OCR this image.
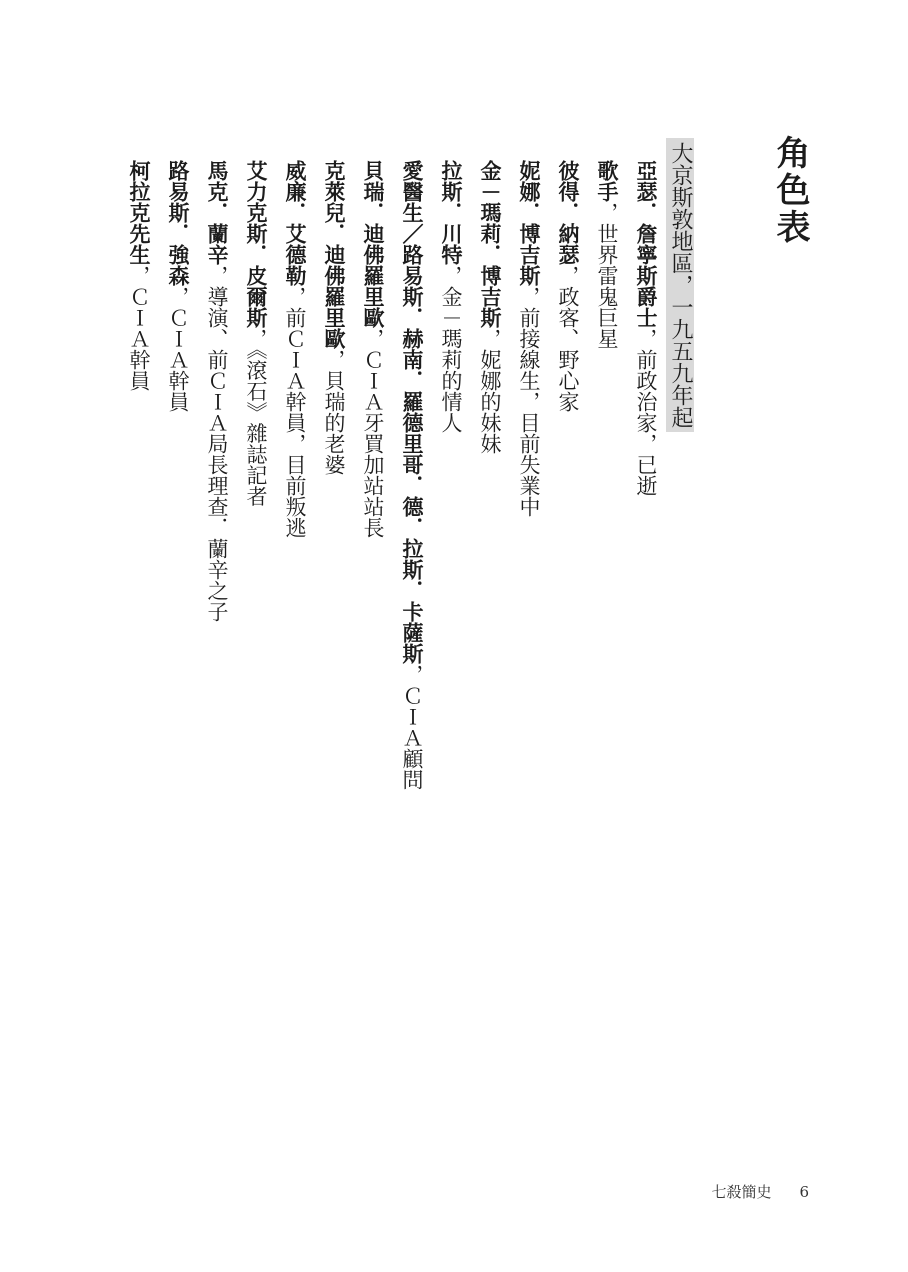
角色表
大京斯敦地區，一九五九年起
亞瑟．詹寧斯爵士，前政治家，已逝
歌手，世界雷鬼巨星
彼得．納瑟，政客、野心家
妮娜．博吉斯，前接線生，目前失業中
金－瑪莉．博吉斯，妮娜的妹妹
拉斯．川特，金－瑪莉的情人
愛醫生／路易斯．赫南．羅德里哥．德．拉斯．卡薩斯，ＣＩＡ顧問
貝瑞．迪佛羅里歐，ＣＩＡ牙買加站站長
克萊兒．迪佛羅里歐，貝瑞的老婆
威廉．艾德勒，前ＣＩＡ幹員，目前叛逃
艾力克斯．皮爾斯，《滾石》雜誌記者
馬克．蘭辛，導演、前ＣＩＡ局長理查．蘭辛之子
路易斯．強森，ＣＩＡ幹員
柯拉克先生，ＣＩＡ幹員
七殺簡史 6
